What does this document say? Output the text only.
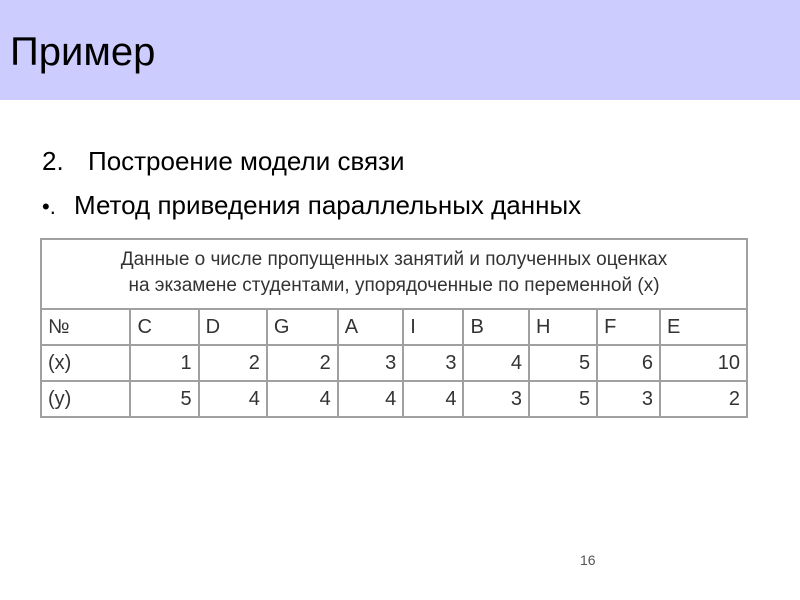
Пример
2. Построение модели связи
•. Метод приведения параллельных данных
Данные о числе пропущенных занятий и полученных оценках
на экзамене студентами, упорядоченные по переменной (x)									

№	C	D	G	A	I	B	H	F	E
(x)	1	2	2	3	3	4	5	6	10
(y)	5	4	4	4	4	3	5	3	2
16
